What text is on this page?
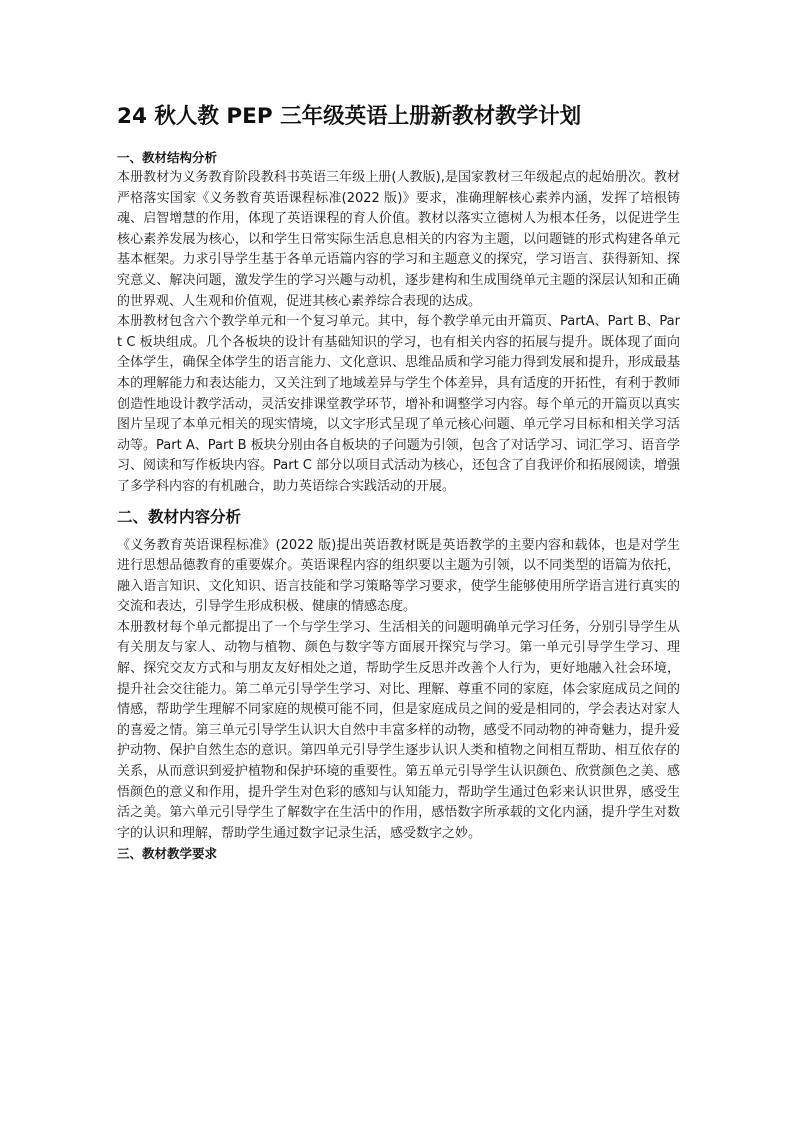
24 秋人教 PEP 三年级英语上册新教材教学计划
一、教材结构分析

本册教材为义务教育阶段教科书英语三年级上册(人教版),是国家教材三年级起点的起始册次。教材严格落实国家《义务教育英语课程标准(2022 版)》要求，准确理解核心素养内涵，发挥了培根铸魂、启智增慧的作用，体现了英语课程的育人价值。教材以落实立德树人为根本任务，以促进学生核心素养发展为核心，以和学生日常实际生活息息相关的内容为主题，以问题链的形式构建各单元基本框架。力求引导学生基于各单元语篇内容的学习和主题意义的探究，学习语言、获得新知、探究意义、解决问题，激发学生的学习兴趣与动机，逐步建构和生成围绕单元主题的深层认知和正确的世界观、人生观和价值观，促进其核心素养综合表现的达成。

本册教材包含六个教学单元和一个复习单元。其中，每个教学单元由开篇页、PartA、Part B、Part C 板块组成。几个各板块的设计有基础知识的学习，也有相关内容的拓展与提升。既体现了面向全体学生，确保全体学生的语言能力、文化意识、思维品质和学习能力得到发展和提升，形成最基本的理解能力和表达能力，又关注到了地域差异与学生个体差异，具有适度的开拓性，有利于教师创造性地设计教学活动，灵活安排课堂教学环节，增补和调整学习内容。每个单元的开篇页以真实图片呈现了本单元相关的现实情境，以文字形式呈现了单元核心问题、单元学习目标和相关学习活动等。Part A、Part B 板块分别由各自板块的子问题为引领，包含了对话学习、词汇学习、语音学习、阅读和写作板块内容。Part C 部分以项目式活动为核心，还包含了自我评价和拓展阅读，增强了多学科内容的有机融合，助力英语综合实践活动的开展。

二、教材内容分析

《义务教育英语课程标准》(2022 版)提出英语教材既是英语教学的主要内容和载体，也是对学生进行思想品德教育的重要媒介。英语课程内容的组织要以主题为引领，以不同类型的语篇为依托，融入语言知识、文化知识、语言技能和学习策略等学习要求，使学生能够使用所学语言进行真实的交流和表达，引导学生形成积极、健康的情感态度。

本册教材每个单元都提出了一个与学生学习、生活相关的问题明确单元学习任务，分别引导学生从有关朋友与家人、动物与植物、颜色与数字等方面展开探究与学习。第一单元引导学生学习、理解、探究交友方式和与朋友友好相处之道，帮助学生反思并改善个人行为，更好地融入社会环境，提升社会交往能力。第二单元引导学生学习、对比、理解、尊重不同的家庭，体会家庭成员之间的情感，帮助学生理解不同家庭的规模可能不同，但是家庭成员之间的爱是相同的，学会表达对家人的喜爱之情。第三单元引导学生认识大自然中丰富多样的动物，感受不同动物的神奇魅力，提升爱护动物、保护自然生态的意识。第四单元引导学生逐步认识人类和植物之间相互帮助、相互依存的关系，从而意识到爱护植物和保护环境的重要性。第五单元引导学生认识颜色、欣赏颜色之美、感悟颜色的意义和作用，提升学生对色彩的感知与认知能力，帮助学生通过色彩来认识世界，感受生活之美。第六单元引导学生了解数字在生活中的作用，感悟数字所承载的文化内涵，提升学生对数字的认识和理解，帮助学生通过数字记录生活，感受数字之妙。

三、教材教学要求
